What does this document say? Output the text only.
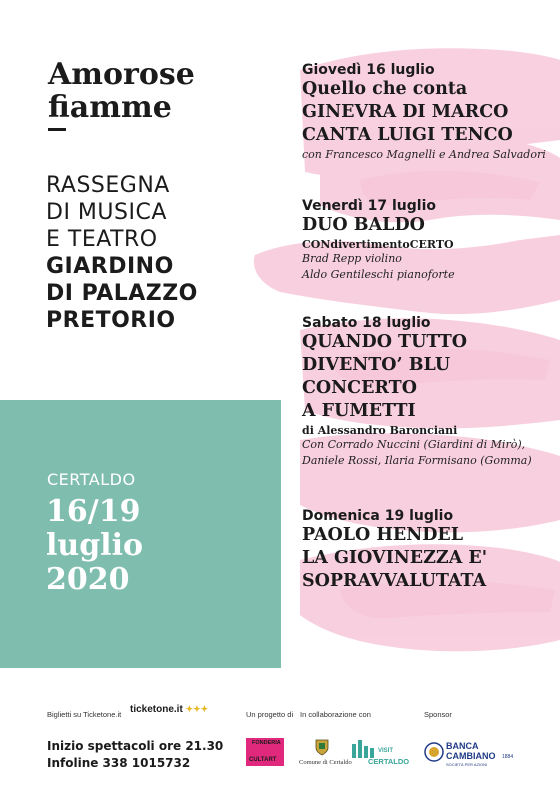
Amorose
fiamme
RASSEGNA
DI MUSICA
E TEATRO
GIARDINO
DI PALAZZO
PRETORIO
CERTALDO
16/19
luglio
2020
Giovedì 16 luglio
Quello che conta
GINEVRA DI MARCO
CANTA LUIGI TENCO
con Francesco Magnelli e Andrea Salvadori
Venerdì 17 luglio
DUO BALDO
CONdivertimentoCERTO
Brad Repp violino
Aldo Gentileschi pianoforte
Sabato 18 luglio
QUANDO TUTTO
DIVENTO’ BLU
CONCERTO
A FUMETTI
di Alessandro Baronciani
Con Corrado Nuccini (Giardini di Mirò),
Daniele Rossi, Ilaria Formisano (Gomma)
Domenica 19 luglio
PAOLO HENDEL
LA GIOVINEZZA E'
SOPRAVVALUTATA
Biglietti su Ticketone.it ticketone.it ✦✦✦
Un progetto di In collaborazione con	Sponsor
Inizio spettacoli ore 21.30
Infoline 338 1015732
FONDERIA
CULTART	Comune di Certaldo
VISIT
CERTALDO
BANCA
CAMBIANO 1884
SOCIETÀ PER AZIONI
